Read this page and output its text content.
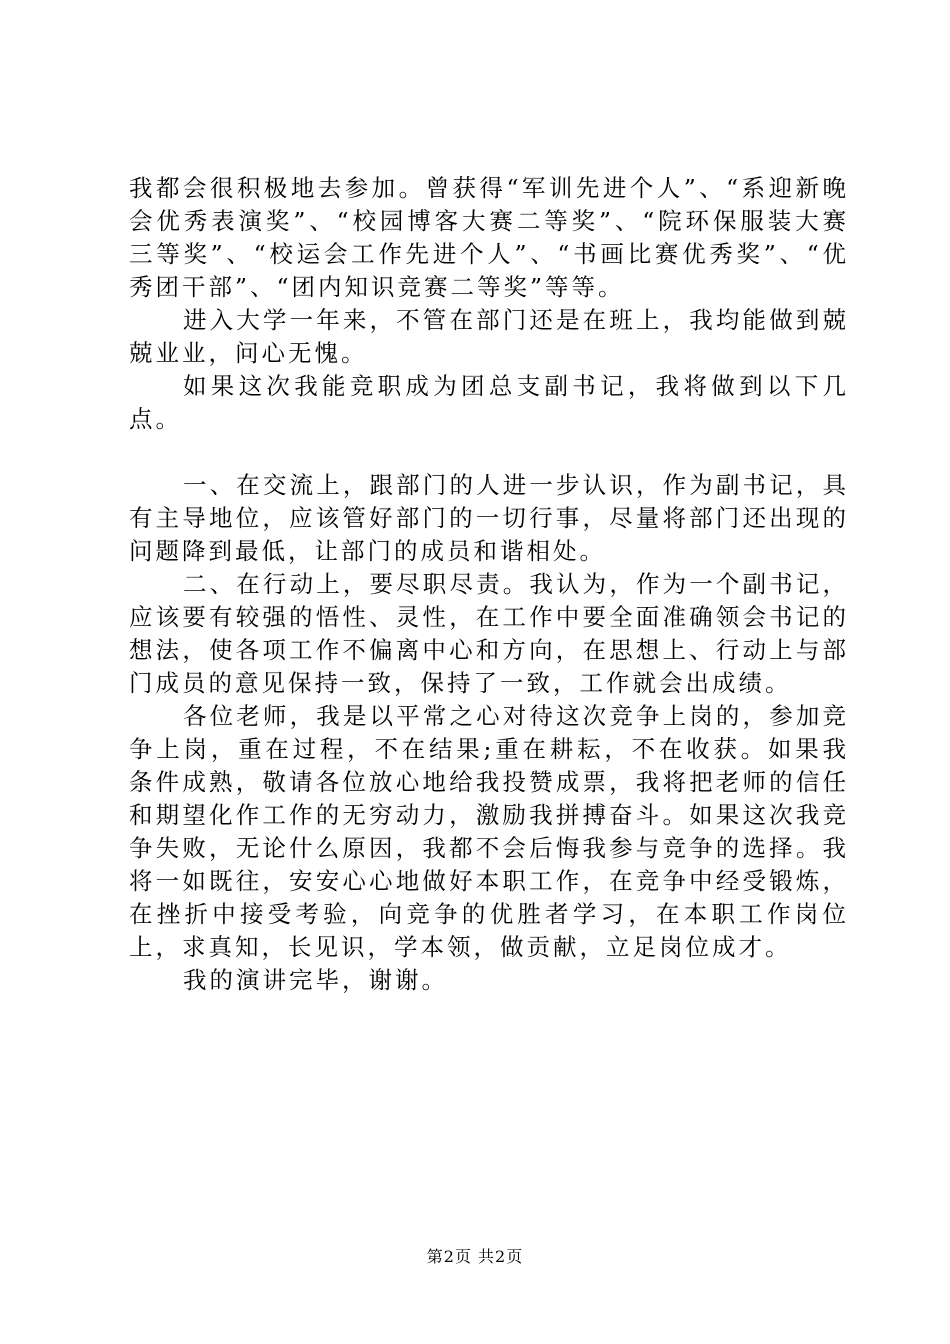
我都会很积极地去参加。曾获得“军训先进个人”、“系迎新晚会优秀表演奖”、“校园博客大赛二等奖”、“院环保服装大赛三等奖”、“校运会工作先进个人”、“书画比赛优秀奖”、“优秀团干部”、“团内知识竞赛二等奖”等等。

进入大学一年来，不管在部门还是在班上，我均能做到兢兢业业，问心无愧。

如果这次我能竞职成为团总支副书记，我将做到以下几点。

一、在交流上，跟部门的人进一步认识，作为副书记，具有主导地位，应该管好部门的一切行事，尽量将部门还出现的问题降到最低，让部门的成员和谐相处。

二、在行动上，要尽职尽责。我认为，作为一个副书记，应该要有较强的悟性、灵性，在工作中要全面准确领会书记的想法，使各项工作不偏离中心和方向，在思想上、行动上与部门成员的意见保持一致，保持了一致，工作就会出成绩。

各位老师，我是以平常之心对待这次竞争上岗的，参加竞争上岗，重在过程，不在结果;重在耕耘，不在收获。如果我条件成熟，敬请各位放心地给我投赞成票，我将把老师的信任和期望化作工作的无穷动力，激励我拼搏奋斗。如果这次我竞争失败，无论什么原因，我都不会后悔我参与竞争的选择。我将一如既往，安安心心地做好本职工作，在竞争中经受锻炼，在挫折中接受考验，向竞争的优胜者学习，在本职工作岗位上，求真知，长见识，学本领，做贡献，立足岗位成才。

我的演讲完毕，谢谢。

第2页 共2页
